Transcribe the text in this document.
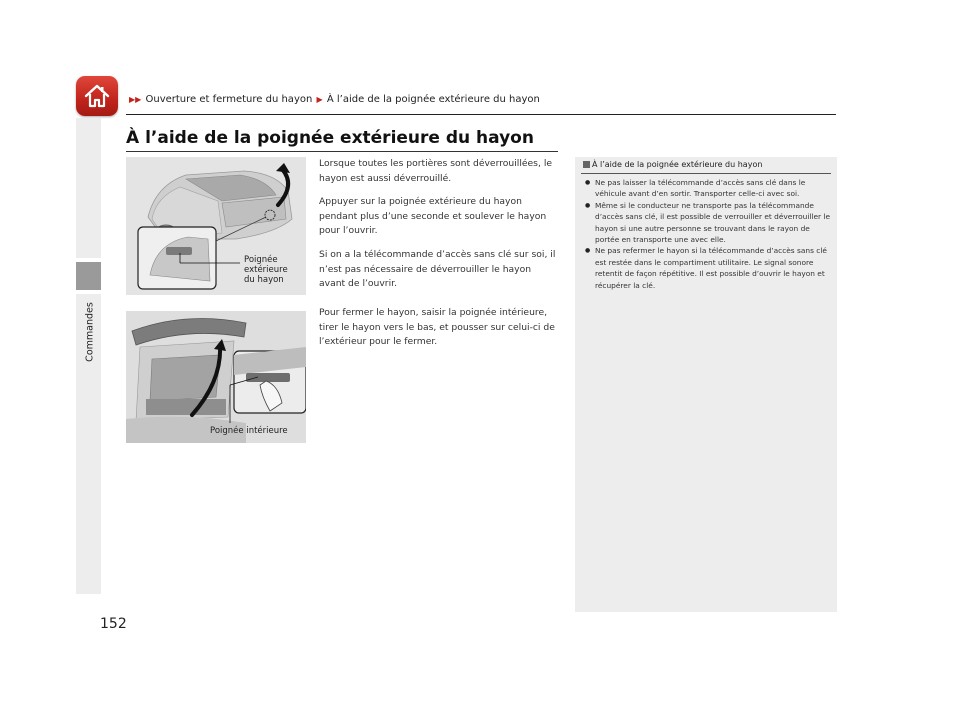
▶▶ Ouverture et fermeture du hayon ▶ À l’aide de la poignée extérieure du hayon
Commandes
152
À l’aide de la poignée extérieure du hayon
Poignée
extérieure
du hayon
Poignée intérieure

Lorsque toutes les portières sont déverrouillées, le hayon est aussi déverrouillé.

Appuyer sur la poignée extérieure du hayon pendant plus d’une seconde et soulever le hayon pour l’ouvrir.

Si on a la télécommande d’accès sans clé sur soi, il n’est pas nécessaire de déverrouiller le hayon avant de l’ouvrir.

Pour fermer le hayon, saisir la poignée intérieure, tirer le hayon vers le bas, et pousser sur celui-ci de l’extérieur pour le fermer.

À l’aide de la poignée extérieure du hayon
● Ne pas laisser la télécommande d’accès sans clé dans le véhicule avant d’en sortir. Transporter celle-ci avec soi.
● Même si le conducteur ne transporte pas la télécommande d’accès sans clé, il est possible de verrouiller et déverrouiller le hayon si une autre personne se trouvant dans le rayon de portée en transporte une avec elle.
● Ne pas refermer le hayon si la télécommande d’accès sans clé est restée dans le compartiment utilitaire. Le signal sonore retentit de façon répétitive. Il est possible d’ouvrir le hayon et récupérer la clé.
